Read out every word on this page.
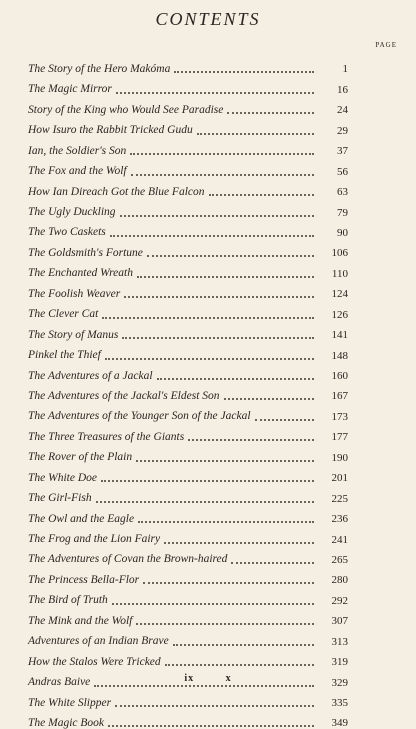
CONTENTS
PAGE
The Story of the Hero Makóma	1
The Magic Mirror	16
Story of the King who Would See Paradise	24
How Isuro the Rabbit Tricked Gudu	29
Ian, the Soldier's Son	37
The Fox and the Wolf	56
How Ian Direach Got the Blue Falcon	63
The Ugly Duckling	79
The Two Caskets	90
The Goldsmith's Fortune	106
The Enchanted Wreath	110
The Foolish Weaver	124
The Clever Cat	126
The Story of Manus	141
Pinkel the Thief	148
The Adventures of a Jackal	160
The Adventures of the Jackal's Eldest Son	167
The Adventures of the Younger Son of the Jackal	173
The Three Treasures of the Giants	177
The Rover of the Plain	190
The White Doe	201
The Girl-Fish	225
The Owl and the Eagle	236
The Frog and the Lion Fairy	241
The Adventures of Covan the Brown-haired	265
The Princess Bella-Flor	280
The Bird of Truth	292
The Mink and the Wolf	307
Adventures of an Indian Brave	313
How the Stalos Were Tricked	319
Andras Baive	329
The White Slipper	335
The Magic Book	349
ix	x
